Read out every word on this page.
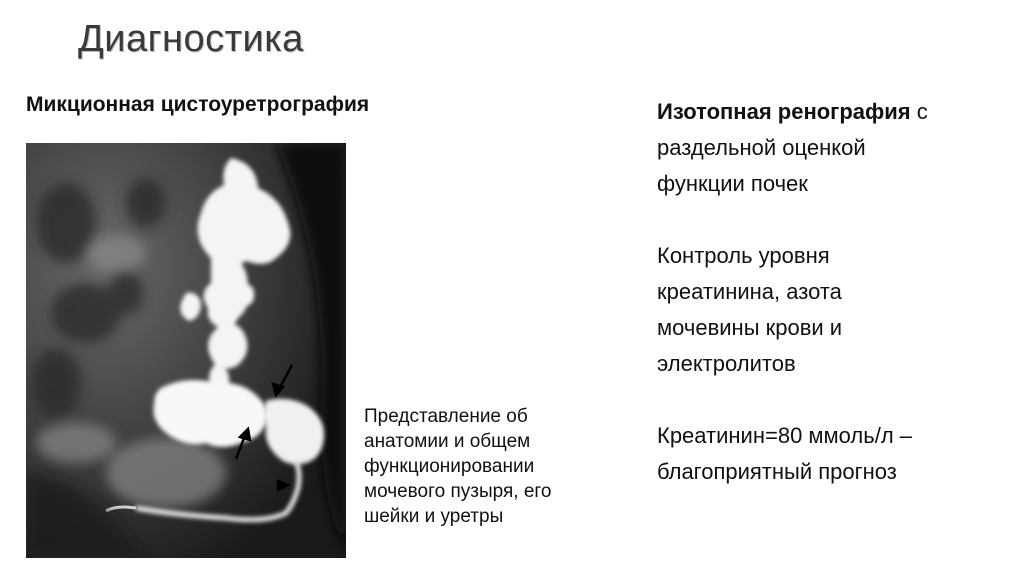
Диагностика
Микционная цистоуретрография
Представление об
анатомии и общем
функционировании
мочевого пузыря, его
шейки и уретры
Изотопная ренография с
раздельной оценкой
функции почек
Контроль уровня
креатинина, азота
мочевины крови и
электролитов
Креатинин=80 ммоль/л –
благоприятный прогноз
